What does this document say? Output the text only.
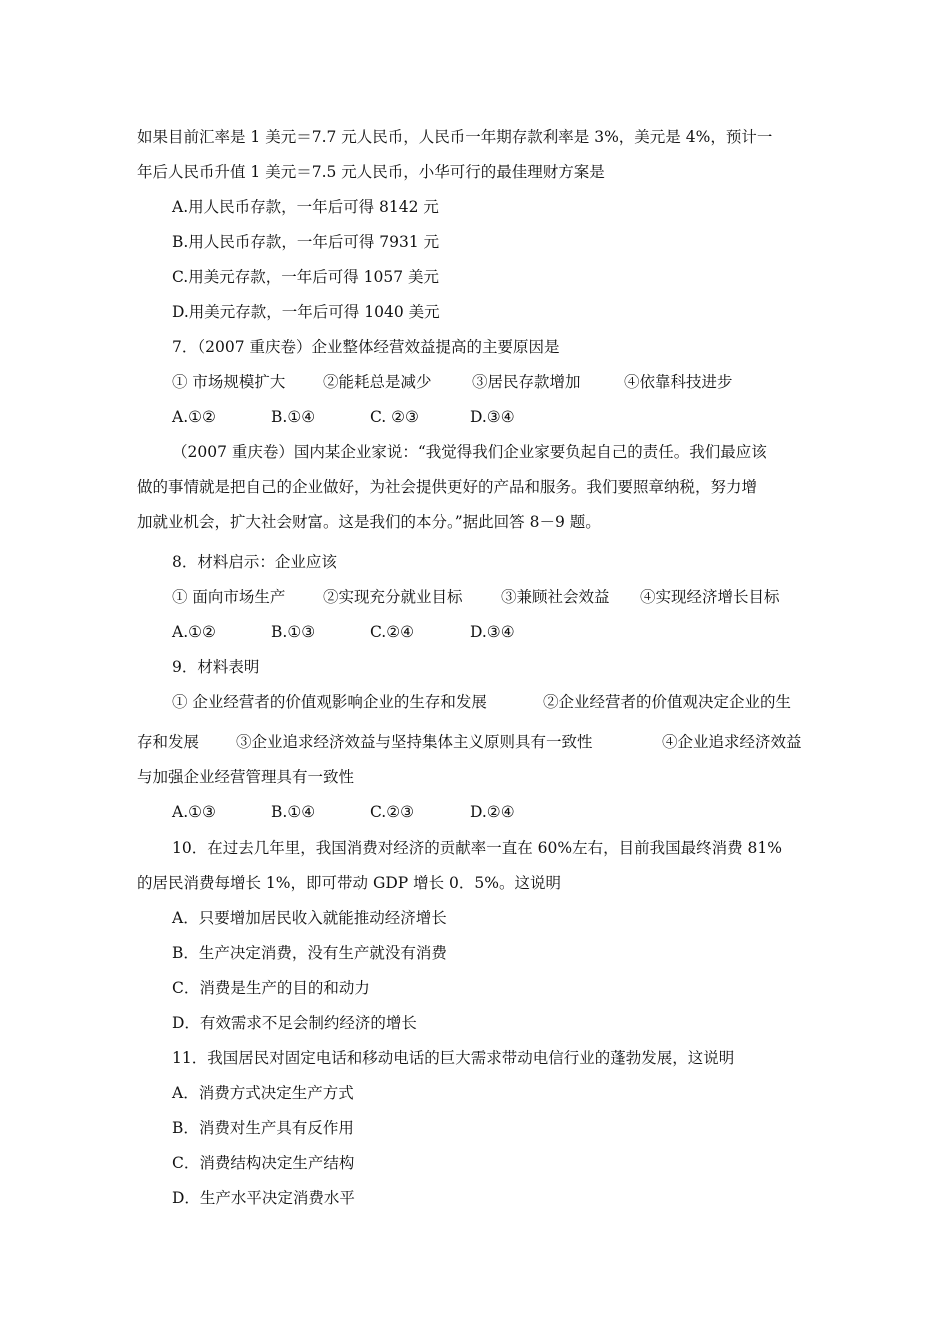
如果目前汇率是 1 美元＝7.7 元人民币，人民币一年期存款利率是 3%，美元是 4%，预计一
年后人民币升值 1 美元＝7.5 元人民币，小华可行的最佳理财方案是
A.用人民币存款，一年后可得 8142 元
B.用人民币存款，一年后可得 7931 元
C.用美元存款，一年后可得 1057 美元
D.用美元存款，一年后可得 1040 美元
7．（2007 重庆卷）企业整体经营效益提高的主要原因是
① 市场规模扩大	②能耗总是减少	③居民存款增加	④依靠科技进步
A.①②	B.①④	C. ②③	D.③④
（2007 重庆卷）国内某企业家说：“我觉得我们企业家要负起自己的责任。我们最应该
做的事情就是把自己的企业做好，为社会提供更好的产品和服务。我们要照章纳税，努力增
加就业机会，扩大社会财富。这是我们的本分。”据此回答 8－9 题。
8．材料启示：企业应该
① 面向市场生产	②实现充分就业目标	③兼顾社会效益	④实现经济增长目标
A.①②	B.①③	C.②④	D.③④
9．材料表明
① 企业经营者的价值观影响企业的生存和发展	②企业经营者的价值观决定企业的生
存和发展	③企业追求经济效益与坚持集体主义原则具有一致性	④企业追求经济效益
与加强企业经营管理具有一致性
A.①③	B.①④	C.②③	D.②④
10．在过去几年里，我国消费对经济的贡献率一直在 60%左右，目前我国最终消费 81%
的居民消费每增长 1%，即可带动 GDP 增长 0．5%。这说明
A．只要增加居民收入就能推动经济增长
B．生产决定消费，没有生产就没有消费
C．消费是生产的目的和动力
D．有效需求不足会制约经济的增长
11．我国居民对固定电话和移动电话的巨大需求带动电信行业的蓬勃发展，这说明
A．消费方式决定生产方式
B．消费对生产具有反作用
C．消费结构决定生产结构
D．生产水平决定消费水平
